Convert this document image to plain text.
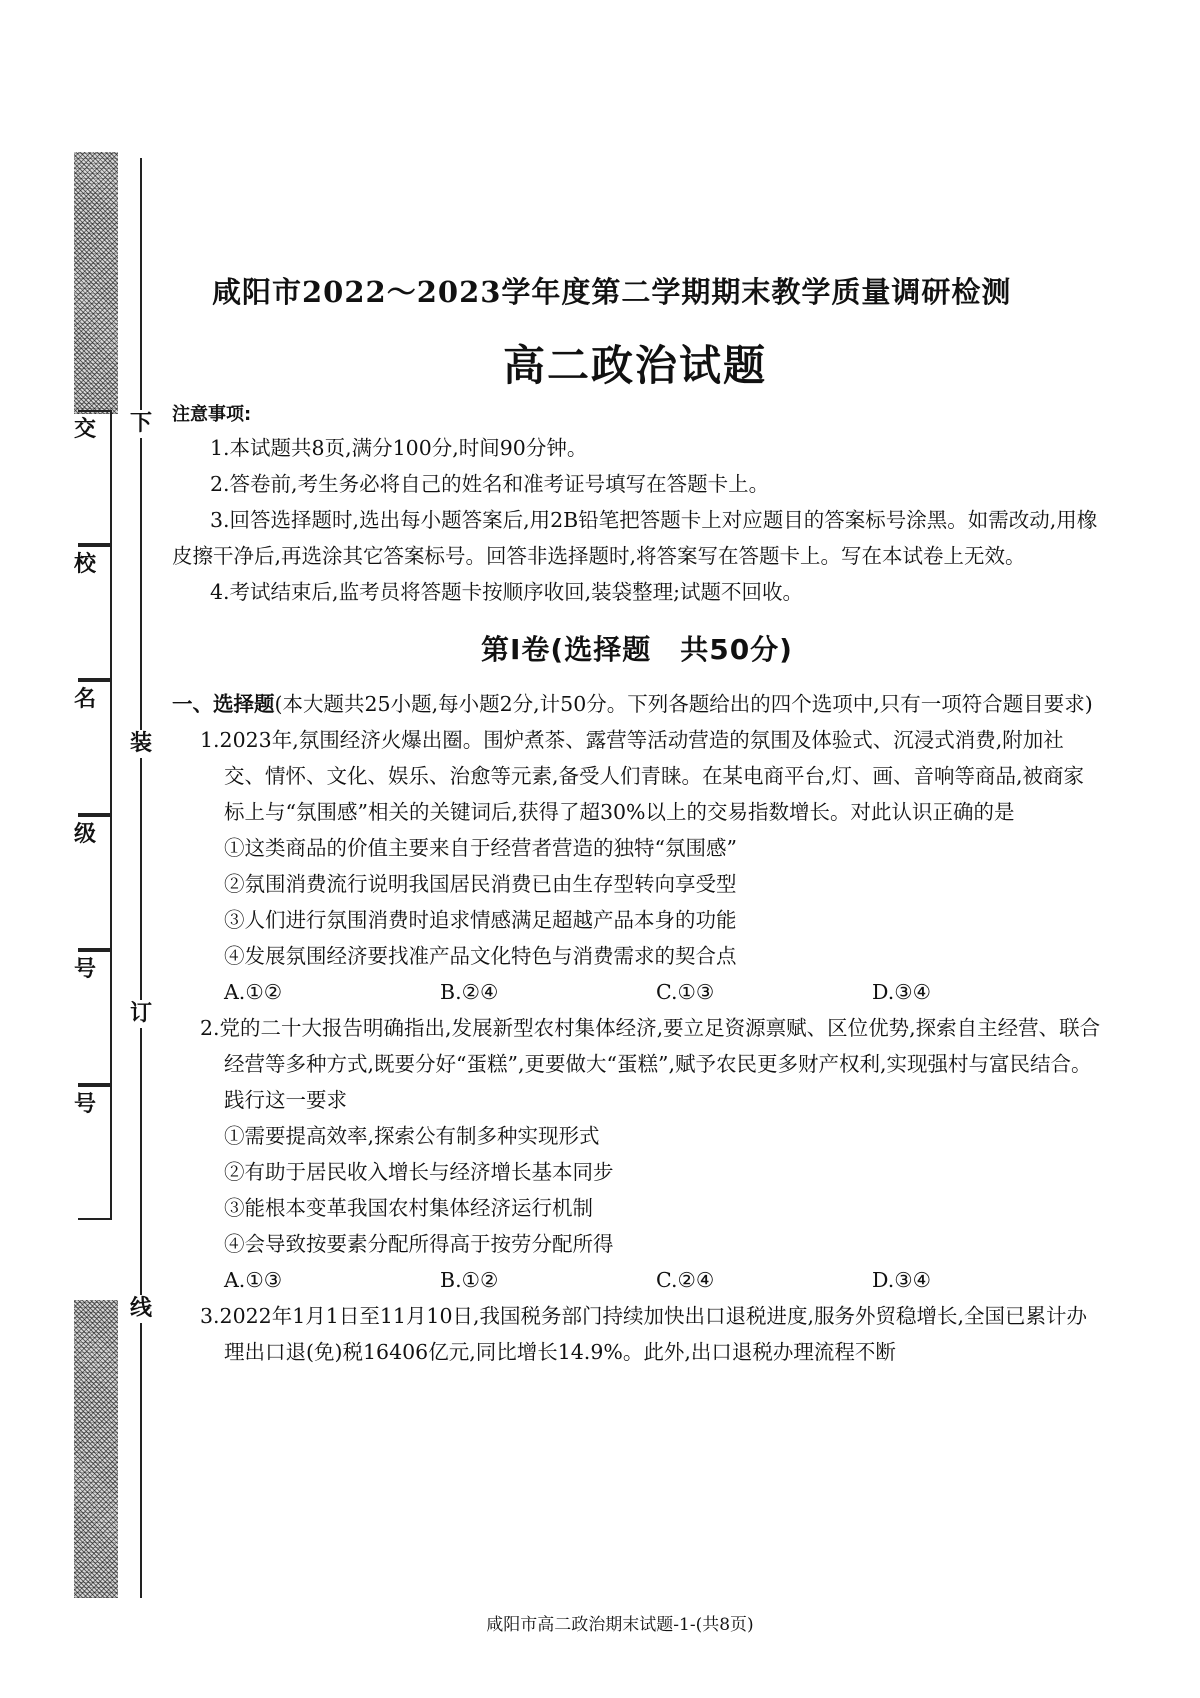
交
校
名
级
号
号
下
装
订
线
咸阳市2022～2023学年度第二学期期末教学质量调研检测
高二政治试题

注意事项:

1.本试题共8页,满分100分,时间90分钟。

2.答卷前,考生务必将自己的姓名和准考证号填写在答题卡上。

3.回答选择题时,选出每小题答案后,用2B铅笔把答题卡上对应题目的答案标号涂黑。如需改动,用橡皮擦干净后,再选涂其它答案标号。回答非选择题时,将答案写在答题卡上。写在本试卷上无效。

4.考试结束后,监考员将答题卡按顺序收回,装袋整理;试题不回收。

第Ⅰ卷(选择题　共50分)

一、选择题(本大题共25小题,每小题2分,计50分。下列各题给出的四个选项中,只有一项符合题目要求)

1.2023年,氛围经济火爆出圈。围炉煮茶、露营等活动营造的氛围及体验式、沉浸式消费,附加社交、情怀、文化、娱乐、治愈等元素,备受人们青睐。在某电商平台,灯、画、音响等商品,被商家标上与“氛围感”相关的关键词后,获得了超30%以上的交易指数增长。对此认识正确的是

①这类商品的价值主要来自于经营者营造的独特“氛围感”

②氛围消费流行说明我国居民消费已由生存型转向享受型

③人们进行氛围消费时追求情感满足超越产品本身的功能

④发展氛围经济要找准产品文化特色与消费需求的契合点

A.①②	B.②④	C.①③	D.③④

2.党的二十大报告明确指出,发展新型农村集体经济,要立足资源禀赋、区位优势,探索自主经营、联合经营等多种方式,既要分好“蛋糕”,更要做大“蛋糕”,赋予农民更多财产权利,实现强村与富民结合。践行这一要求

①需要提高效率,探索公有制多种实现形式

②有助于居民收入增长与经济增长基本同步

③能根本变革我国农村集体经济运行机制

④会导致按要素分配所得高于按劳分配所得

A.①③	B.①②	C.②④	D.③④

3.2022年1月1日至11月10日,我国税务部门持续加快出口退税进度,服务外贸稳增长,全国已累计办理出口退(免)税16406亿元,同比增长14.9%。此外,出口退税办理流程不断

咸阳市高二政治期末试题-1-(共8页)
